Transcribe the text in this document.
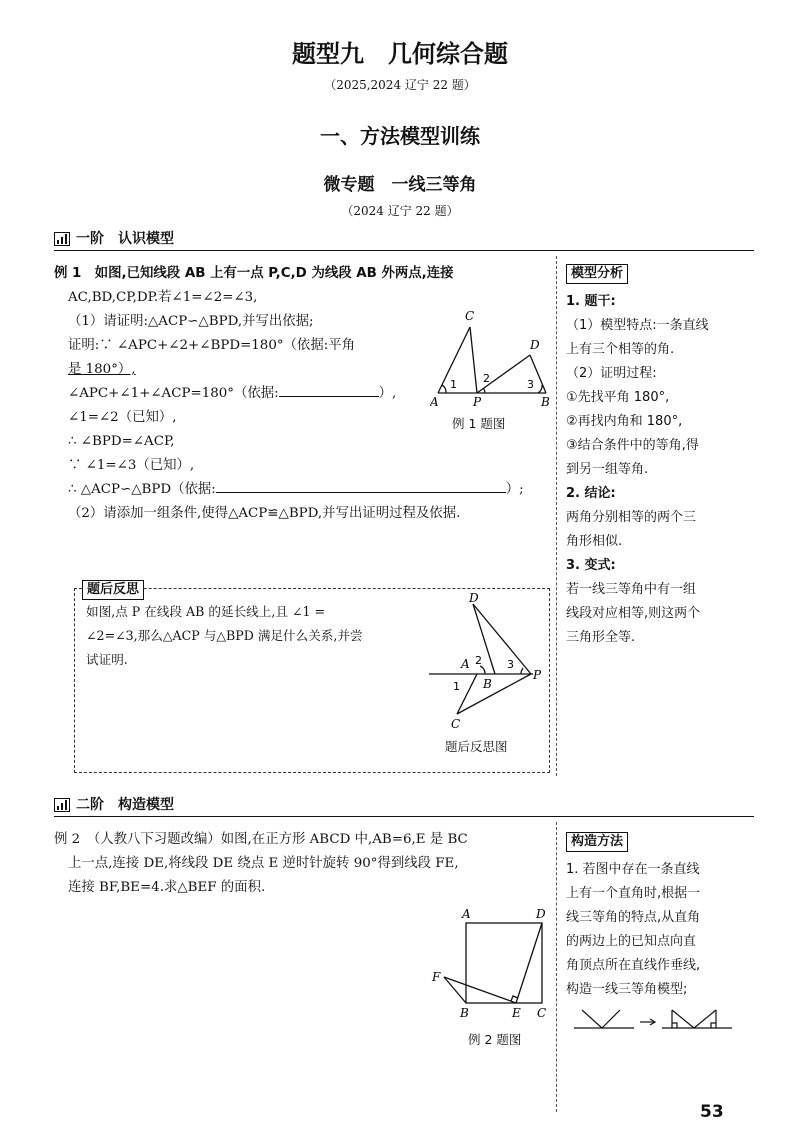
题型九　几何综合题
（2025,2024 辽宁 22 题）
一、方法模型训练
微专题　一线三等角
（2024 辽宁 22 题）
一阶　认识模型
例 1　如图,已知线段 AB 上有一点 P,C,D 为线段 AB 外两点,连接
AC,BD,CP,DP.若∠1=∠2=∠3,
（1）请证明:△ACP∽△BPD,并写出依据;
证明:∵ ∠APC+∠2+∠BPD=180°（依据:平角
是 180°）,
∠APC+∠1+∠ACP=180°（依据:	）,
∠1=∠2（已知）,
∴ ∠BPD=∠ACP,
∵ ∠1=∠3（已知）,
∴ △ACP∽△BPD（依据:	）;
（2）请添加一组条件,使得△ACP≌△BPD,并写出证明过程及依据.
A	P	B
C
D
1 2	3
例 1 题图
题后反思
如图,点 P 在线段 AB 的延长线上,且 ∠1 =
∠2=∠3,那么△ACP 与△BPD 满足什么关系,并尝
试证明.
D
A
B
P
C
1
2 3
题后反思图
模型分析
1. 题干:
（1）模型特点:一条直线
上有三个相等的角.
（2）证明过程:
①先找平角 180°,
②再找内角和 180°,
③结合条件中的等角,得
到另一组等角.
2. 结论:
两角分别相等的两个三
角形相似.
3. 变式:
若一线三等角中有一组
线段对应相等,则这两个
三角形全等.
二阶　构造模型
例 2　（人教八下习题改编）如图,在正方形 ABCD 中,AB=6,E 是 BC
上一点,连接 DE,将线段 DE 绕点 E 逆时针旋转 90°得到线段 FE,
连接 BF,BE=4.求△BEF 的面积.
A	D
F
B	E C
例 2 题图
构造方法
1. 若图中存在一条直线
上有一个直角时,根据一
线三等角的特点,从直角
的两边上的已知点向直
角顶点所在直线作垂线,
构造一线三等角模型;
53
